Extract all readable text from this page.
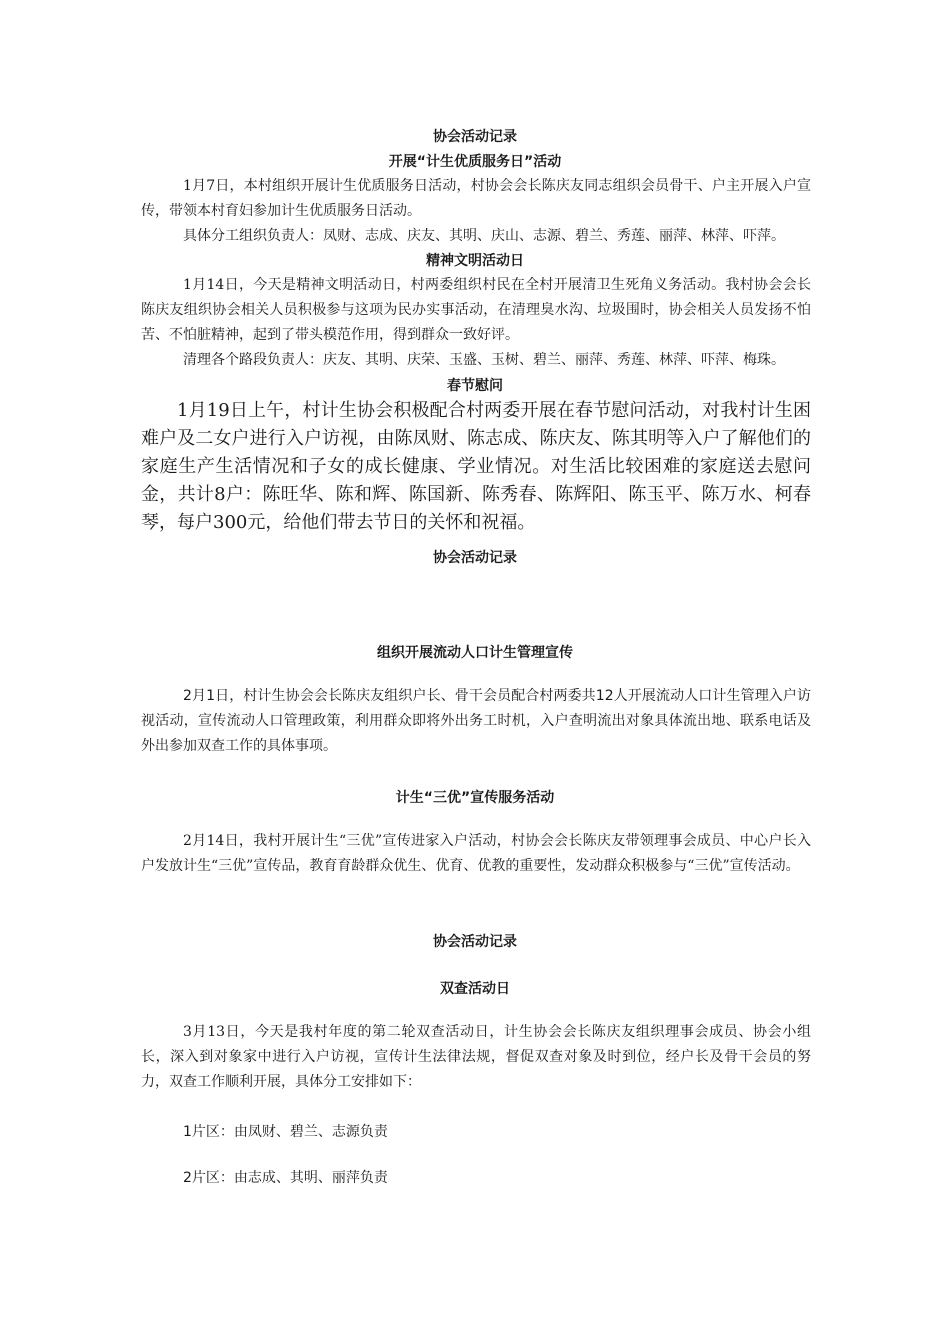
协会活动记录
开展“计生优质服务日”活动

1月7日，本村组织开展计生优质服务日活动，村协会会长陈庆友同志组织会员骨干、户主开展入户宣传，带领本村育妇参加计生优质服务日活动。

具体分工组织负责人：凤财、志成、庆友、其明、庆山、志源、碧兰、秀莲、丽萍、林萍、吓萍。

精神文明活动日

1月14日，今天是精神文明活动日，村两委组织村民在全村开展清卫生死角义务活动。我村协会会长陈庆友组织协会相关人员积极参与这项为民办实事活动，在清理臭水沟、垃圾围时，协会相关人员发扬不怕苦、不怕脏精神，起到了带头模范作用，得到群众一致好评。

清理各个路段负责人：庆友、其明、庆荣、玉盛、玉树、碧兰、丽萍、秀莲、林萍、吓萍、梅珠。

春节慰问

1月19日上午，村计生协会积极配合村两委开展在春节慰问活动，对我村计生困难户及二女户进行入户访视，由陈凤财、陈志成、陈庆友、陈其明等入户了解他们的家庭生产生活情况和子女的成长健康、学业情况。对生活比较困难的家庭送去慰问金，共计8户：陈旺华、陈和辉、陈国新、陈秀春、陈辉阳、陈玉平、陈万水、柯春琴，每户300元，给他们带去节日的关怀和祝福。

协会活动记录
组织开展流动人口计生管理宣传

2月1日，村计生协会会长陈庆友组织户长、骨干会员配合村两委共12人开展流动人口计生管理入户访视活动，宣传流动人口管理政策，利用群众即将外出务工时机，入户查明流出对象具体流出地、联系电话及外出参加双查工作的具体事项。

计生“三优”宣传服务活动

2月14日，我村开展计生“三优”宣传进家入户活动，村协会会长陈庆友带领理事会成员、中心户长入户发放计生“三优”宣传品，教育育龄群众优生、优育、优教的重要性，发动群众积极参与“三优”宣传活动。

协会活动记录
双查活动日

3月13日，今天是我村年度的第二轮双查活动日，计生协会会长陈庆友组织理事会成员、协会小组长，深入到对象家中进行入户访视，宣传计生法律法规，督促双查对象及时到位，经户长及骨干会员的努力，双查工作顺利开展，具体分工安排如下：

1片区：由凤财、碧兰、志源负责

2片区：由志成、其明、丽萍负责
